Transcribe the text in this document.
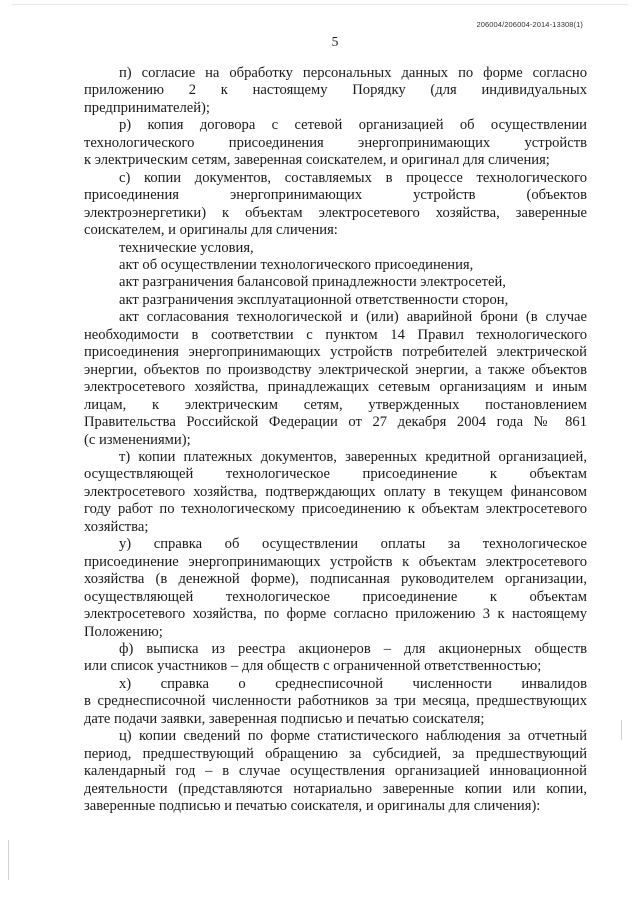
206004/206004-2014-13308(1)
5
п) согласие на обработку персональных данных по форме согласно
приложению 2 к настоящему Порядку (для индивидуальных
предпринимателей);
р) копия договора с сетевой организацией об осуществлении
технологического присоединения энергопринимающих устройств
к электрическим сетям, заверенная соискателем, и оригинал для сличения;
с) копии документов, составляемых в процессе технологического
присоединения энергопринимающих устройств (объектов
электроэнергетики) к объектам электросетевого хозяйства, заверенные
соискателем, и оригиналы для сличения:
технические условия,
акт об осуществлении технологического присоединения,
акт разграничения балансовой принадлежности электросетей,
акт разграничения эксплуатационной ответственности сторон,
акт согласования технологической и (или) аварийной брони (в случае
необходимости в соответствии с пунктом 14 Правил технологического
присоединения энергопринимающих устройств потребителей электрической
энергии, объектов по производству электрической энергии, а также объектов
электросетевого хозяйства, принадлежащих сетевым организациям и иным
лицам, к электрическим сетям, утвержденных постановлением
Правительства Российской Федерации от 27 декабря 2004 года № 861
(с изменениями);
т) копии платежных документов, заверенных кредитной организацией,
осуществляющей технологическое присоединение к объектам
электросетевого хозяйства, подтверждающих оплату в текущем финансовом
году работ по технологическому присоединению к объектам электросетевого
хозяйства;
у) справка об осуществлении оплаты за технологическое
присоединение энергопринимающих устройств к объектам электросетевого
хозяйства (в денежной форме), подписанная руководителем организации,
осуществляющей технологическое присоединение к объектам
электросетевого хозяйства, по форме согласно приложению 3 к настоящему
Положению;
ф) выписка из реестра акционеров – для акционерных обществ
или список участников – для обществ с ограниченной ответственностью;
х) справка о среднесписочной численности инвалидов
в среднесписочной численности работников за три месяца, предшествующих
дате подачи заявки, заверенная подписью и печатью соискателя;
ц) копии сведений по форме статистического наблюдения за отчетный
период, предшествующий обращению за субсидией, за предшествующий
календарный год – в случае осуществления организацией инновационной
деятельности (представляются нотариально заверенные копии или копии,
заверенные подписью и печатью соискателя, и оригиналы для сличения):
